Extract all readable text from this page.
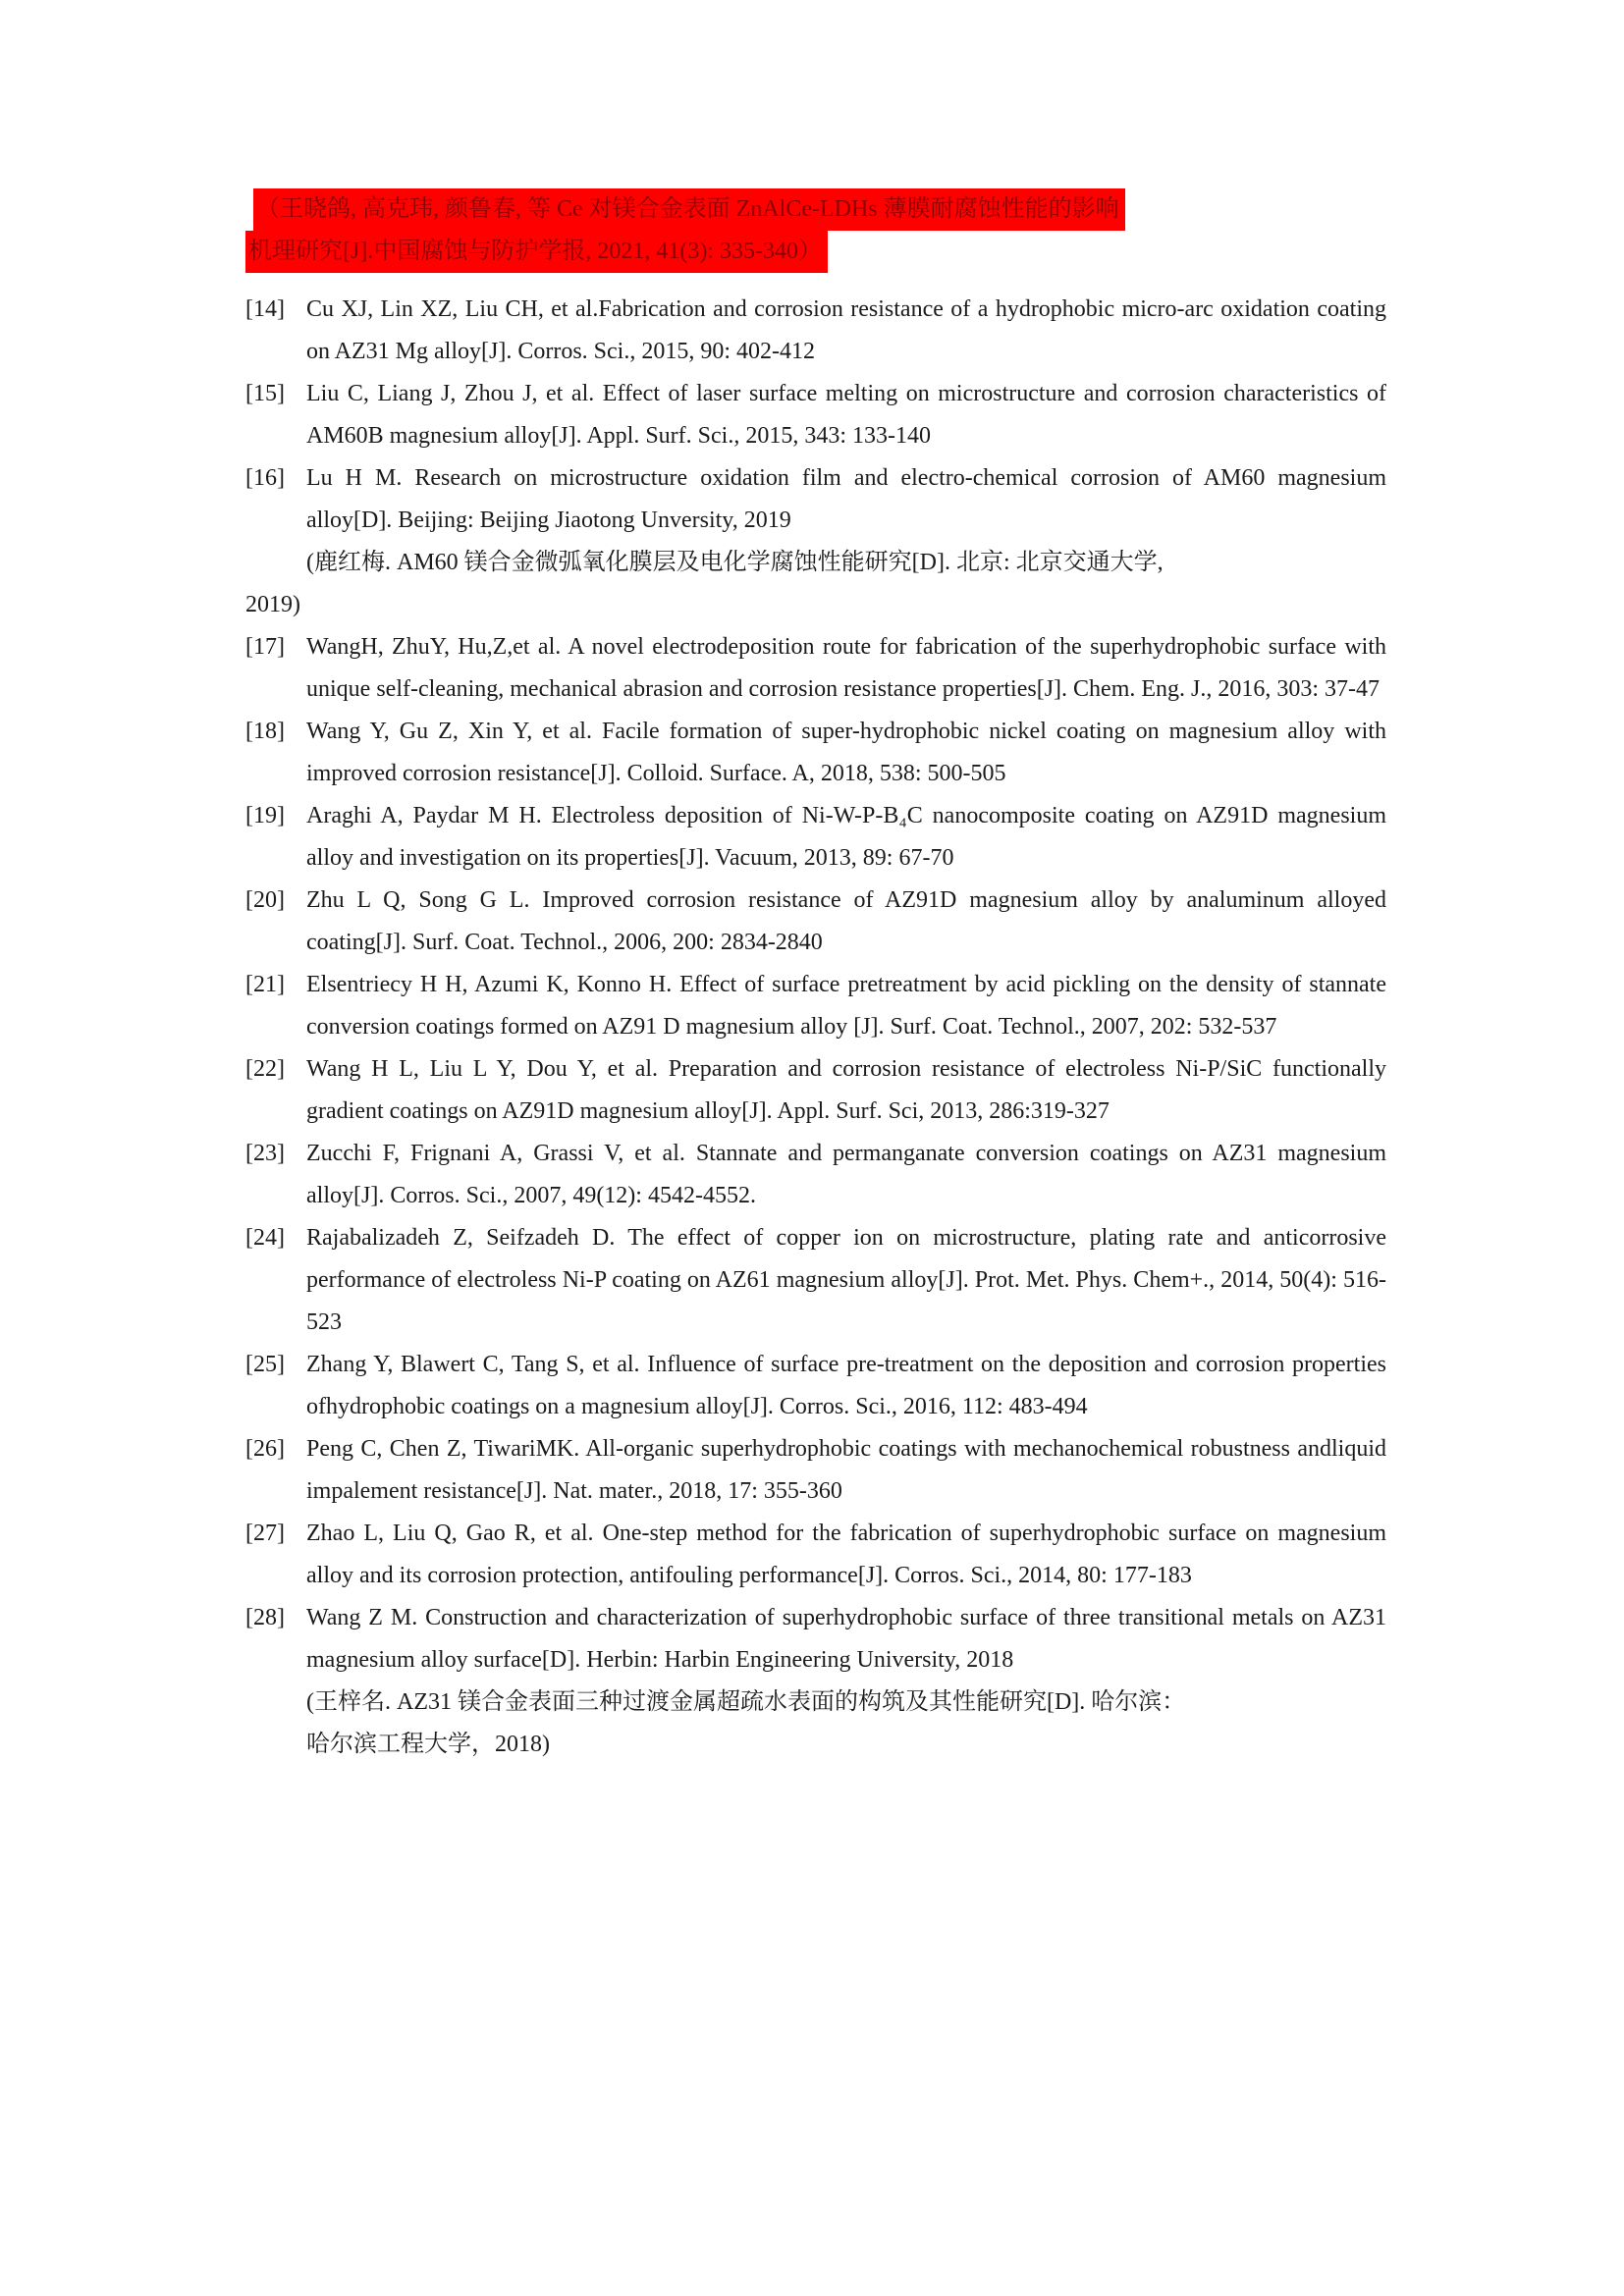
（王晓鸽, 高克玮, 颜鲁春, 等 Ce 对镁合金表面 ZnAlCe-LDHs 薄膜耐腐蚀性能的影响
机理研究[J].中国腐蚀与防护学报, 2021, 41(3): 335-340）
[14] Cu XJ, Lin XZ, Liu CH, et al.Fabrication and corrosion resistance of a hydrophobic micro-arc oxidation coating on AZ31 Mg alloy[J]. Corros. Sci., 2015, 90: 402-412
[15] Liu C, Liang J, Zhou J, et al. Effect of laser surface melting on microstructure and corrosion characteristics of AM60B magnesium alloy[J]. Appl. Surf. Sci., 2015, 343: 133-140
[16] Lu H M. Research on microstructure oxidation film and electro-chemical corrosion of AM60 magnesium alloy[D]. Beijing: Beijing Jiaotong Unversity, 2019
(鹿红梅. AM60 镁合金微弧氧化膜层及电化学腐蚀性能研究[D]. 北京: 北京交通大学,
2019)
[17] WangH, ZhuY, Hu,Z,et al. A novel electrodeposition route for fabrication of the superhydrophobic surface with unique self-cleaning, mechanical abrasion and corrosion resistance properties[J]. Chem. Eng. J., 2016, 303: 37-47
[18] Wang Y, Gu Z, Xin Y, et al. Facile formation of super-hydrophobic nickel coating on magnesium alloy with improved corrosion resistance[J]. Colloid. Surface. A, 2018, 538: 500-505
[19] Araghi A, Paydar M H. Electroless deposition of Ni-W-P-B₄C nanocomposite coating on AZ91D magnesium alloy and investigation on its properties[J]. Vacuum, 2013, 89: 67-70
[20] Zhu L Q, Song G L. Improved corrosion resistance of AZ91D magnesium alloy by analuminum alloyed coating[J]. Surf. Coat. Technol., 2006, 200: 2834-2840
[21] Elsentriecy H H, Azumi K, Konno H. Effect of surface pretreatment by acid pickling on the density of stannate conversion coatings formed on AZ91 D magnesium alloy [J]. Surf. Coat. Technol., 2007, 202: 532-537
[22] Wang H L, Liu L Y, Dou Y, et al. Preparation and corrosion resistance of electroless Ni-P/SiC functionally gradient coatings on AZ91D magnesium alloy[J]. Appl. Surf. Sci, 2013, 286:319-327
[23] Zucchi F, Frignani A, Grassi V, et al. Stannate and permanganate conversion coatings on AZ31 magnesium alloy[J]. Corros. Sci., 2007, 49(12): 4542-4552.
[24] Rajabalizadeh Z, Seifzadeh D. The effect of copper ion on microstructure, plating rate and anticorrosive performance of electroless Ni-P coating on AZ61 magnesium alloy[J]. Prot. Met. Phys. Chem+., 2014, 50(4): 516-523
[25] Zhang Y, Blawert C, Tang S, et al. Influence of surface pre-treatment on the deposition and corrosion properties ofhydrophobic coatings on a magnesium alloy[J]. Corros. Sci., 2016, 112: 483-494
[26] Peng C, Chen Z, TiwariMK. All-organic superhydrophobic coatings with mechanochemical robustness andliquid impalement resistance[J]. Nat. mater., 2018, 17: 355-360
[27] Zhao L, Liu Q, Gao R, et al. One-step method for the fabrication of superhydrophobic surface on magnesium alloy and its corrosion protection, antifouling performance[J]. Corros. Sci., 2014, 80: 177-183
[28] Wang Z M. Construction and characterization of superhydrophobic surface of three transitional metals on AZ31 magnesium alloy surface[D]. Herbin: Harbin Engineering University, 2018
(王梓名. AZ31 镁合金表面三种过渡金属超疏水表面的构筑及其性能研究[D]. 哈尔滨：
哈尔滨工程大学，2018)
